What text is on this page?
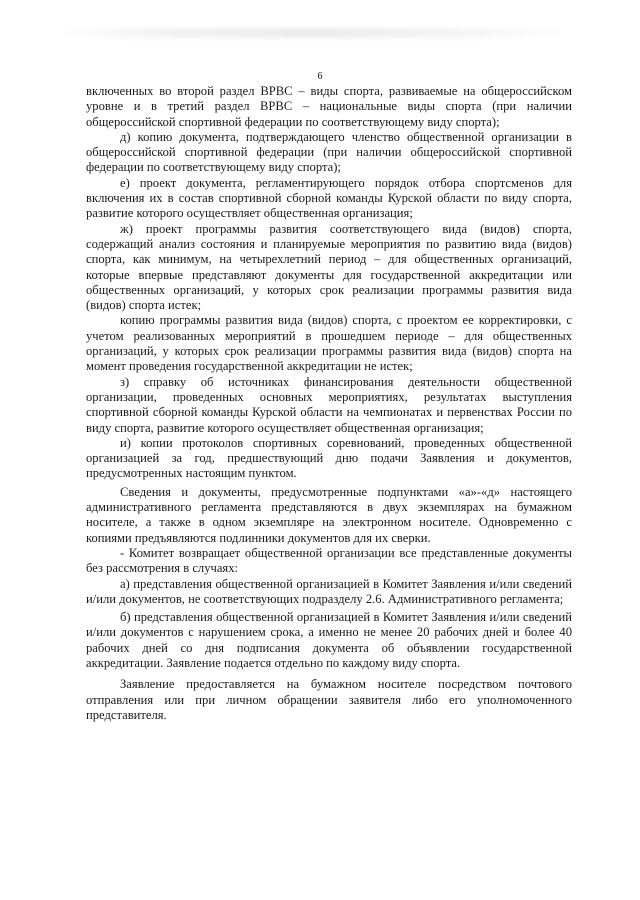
6

включенных во второй раздел ВРВС – виды спорта, развиваемые на общероссийском уровне и в третий раздел ВРВС – национальные виды спорта (при наличии общероссийской спортивной федерации по соответствующему виду спорта);

д) копию документа, подтверждающего членство общественной организации в общероссийской спортивной федерации (при наличии общероссийской спортивной федерации по соответствующему виду спорта);

е) проект документа, регламентирующего порядок отбора спортсменов для включения их в состав спортивной сборной команды Курской области по виду спорта, развитие которого осуществляет общественная организация;

ж) проект программы развития соответствующего вида (видов) спорта, содержащий анализ состояния и планируемые мероприятия по развитию вида (видов) спорта, как минимум, на четырехлетний период – для общественных организаций, которые впервые представляют документы для государственной аккредитации или общественных организаций, у которых срок реализации программы развития вида (видов) спорта истек;

копию программы развития вида (видов) спорта, с проектом ее корректировки, с учетом реализованных мероприятий в прошедшем периоде – для общественных организаций, у которых срок реализации программы развития вида (видов) спорта на момент проведения государственной аккредитации не истек;

з) справку об источниках финансирования деятельности общественной организации, проведенных основных мероприятиях, результатах выступления спортивной сборной команды Курской области на чемпионатах и первенствах России по виду спорта, развитие которого осуществляет общественная организация;

и) копии протоколов спортивных соревнований, проведенных общественной организацией за год, предшествующий дню подачи Заявления и документов, предусмотренных настоящим пунктом.

Сведения и документы, предусмотренные подпунктами «а»-«д» настоящего административного регламента представляются в двух экземплярах на бумажном носителе, а также в одном экземпляре на электронном носителе. Одновременно с копиями предъявляются подлинники документов для их сверки.

- Комитет возвращает общественной организации все представленные документы без рассмотрения в случаях:

а) представления общественной организацией в Комитет Заявления и/или сведений и/или документов, не соответствующих подразделу 2.6. Административного регламента;

б) представления общественной организацией в Комитет Заявления и/или сведений и/или документов с нарушением срока, а именно не менее 20 рабочих дней и более 40 рабочих дней со дня подписания документа об объявлении государственной аккредитации. Заявление подается отдельно по каждому виду спорта.

Заявление предоставляется на бумажном носителе посредством почтового отправления или при личном обращении заявителя либо его уполномоченного представителя.
